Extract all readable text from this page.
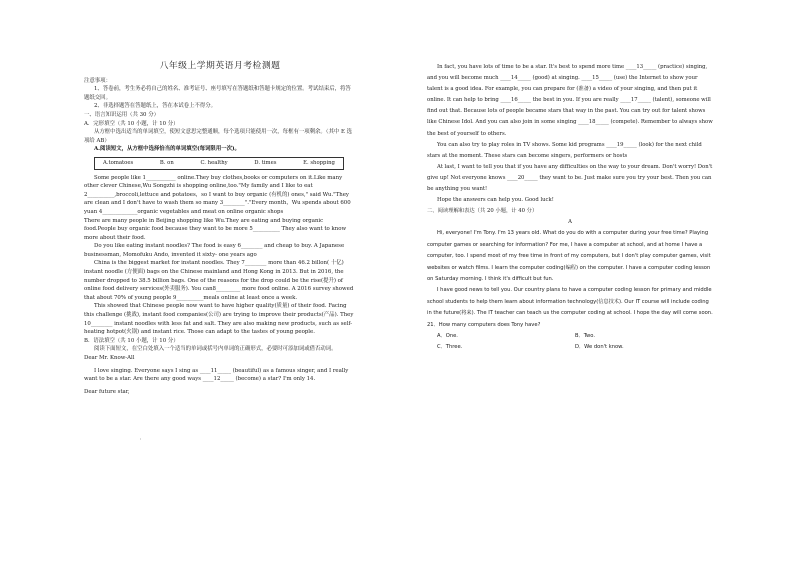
八年级上学期英语月考检测题

注意事项：

1、答卷前，考生务必将自己的姓名、准考证号、座号填写在答题纸和答题卡规定的位置。考试结束后，将答题纸交回。

2、非选择题答在答题纸上，答在本试卷上不得分。

一、语言知识运用（共 30 分）

A．完形填空（共 10 小题，计 10 分）

从方框中选出适当的单词填空，使短文意思完整通顺，每个选项只能使用一次，每框有一项剩余。（其中 E 选项给 AB）

A.阅读短文，从方框中选择恰当的单词填空(每词限用一次)。

A.tomatoes	B. on	C. healthy	D. times	E. shopping

Some people like 1___________ online.They buy clothes,books or computers on it.Like many other clever Chinese,Wu Songzhi is shopping online,too."My family and I like to eat 2__________,broccoli,lettuce and potatoes，so I want to buy organic (有机的) ones," said Wu."They are clean and I don't have to wash them so many 3________"."Every month，Wu spends about 600 yuan 4_____________organic vegetables and meat on online organic shops

There are many people in Beijing shopping like Wu.They are eating and buying organic food.People buy organic food because they want to be more 5__________ They also want to know more about their food.

Do you like eating instant noodles? The food is easy 6________ and cheap to buy. A Japanese businessman, Momofuku Ando, invented it sixty- one years ago

China is the biggest market for instant noodles. They 7________ more than 46.2 billon( 十亿) instant noodle (方便面) bags on the Chinese mainland and Hong Kong in 2013. But in 2016, the number dropped to 38.5 billion bags. One of the reasons for the drop could be the rise(提升) of online food delivery services(外卖服务). You can8_________ more food online. A 2016 survey showed that about 70% of young people 9__________meals online at least once a week.

This showed that Chinese people now want to have higher quality(质量) of their food. Facing this challenge (挑战), instant food companies(公司) are trying to improve their products(产品). They 10________ instant noodles with less fat and salt. They are also making new products, such as self-heating hotpot(火锅) and instant rice. Those can adapt to the tastes of young people.

B．语法填空（共 10 小题，计 10 分）

阅读下面短文，在空白处填入一个适当的单词或括号内单词的正确形式，必要时可添加词或借否动词。

Dear Mr. Know-All

I love singing. Everyone says I sing as ____11_____ (beautiful) as a famous singer, and I really want to be a star. Are there any good ways ____12_____ (become) a star? I'm only 14.

Dear future star,

'

In fact, you have lots of time to be a star. It's best to spend more time ____13_____ (practice) singing, and you will become much ____14_____ (good) at singing. ____15_____ (use) the Internet to show your talent is a good idea. For example, you can prepare for (准备) a video of your singing, and then put it online. It can help to bring ____16_____ the best in you. If you are really ____17_____ (talent), someone will find out that. Because lots of people became stars that way in the past. You can try out for talent shows like Chinese Idol. And you can also join in some singing ____18_____ (compete). Remember to always show the best of yourself to others.

You can also try to play roles in TV shows. Some kid programs ____19_____ (look) for the next child stars at the moment. These stars can become singers, performers or hosts

At last, I want to tell you that if you have any difficulties on the way to your dream. Don't worry! Don't give up! Not everyone knows ____20_____ they want to be. Just make sure you try your best. Then you can be anything you want!

Hope the answers can help you. Good luck!

二、阅读理解和表达（共 20 小题，计 40 分）

A

Hi, everyone! I'm Tony. I'm 13 years old. What do you do with a computer during your free time? Playing computer games or searching for information? For me, I have a computer at school, and at home I have a computer, too. I spend most of my free time in front of my computers, but I don't play computer games, visit websites or watch films. I learn the computer coding(编程) on the computer. I have a computer coding lesson on Saturday morning. I think it's difficult but fun.

I have good news to tell you. Our country plans to have a computer coding lesson for primary and middle school students to help them learn about information technology(信息技术). Our IT course will include coding in the future(将来). The IT teacher can teach us the computer coding at school. I hope the day will come soon.

21．How many computers does Tony have?

A．One.	B．Two.
C．Three.	D．We don't know.
